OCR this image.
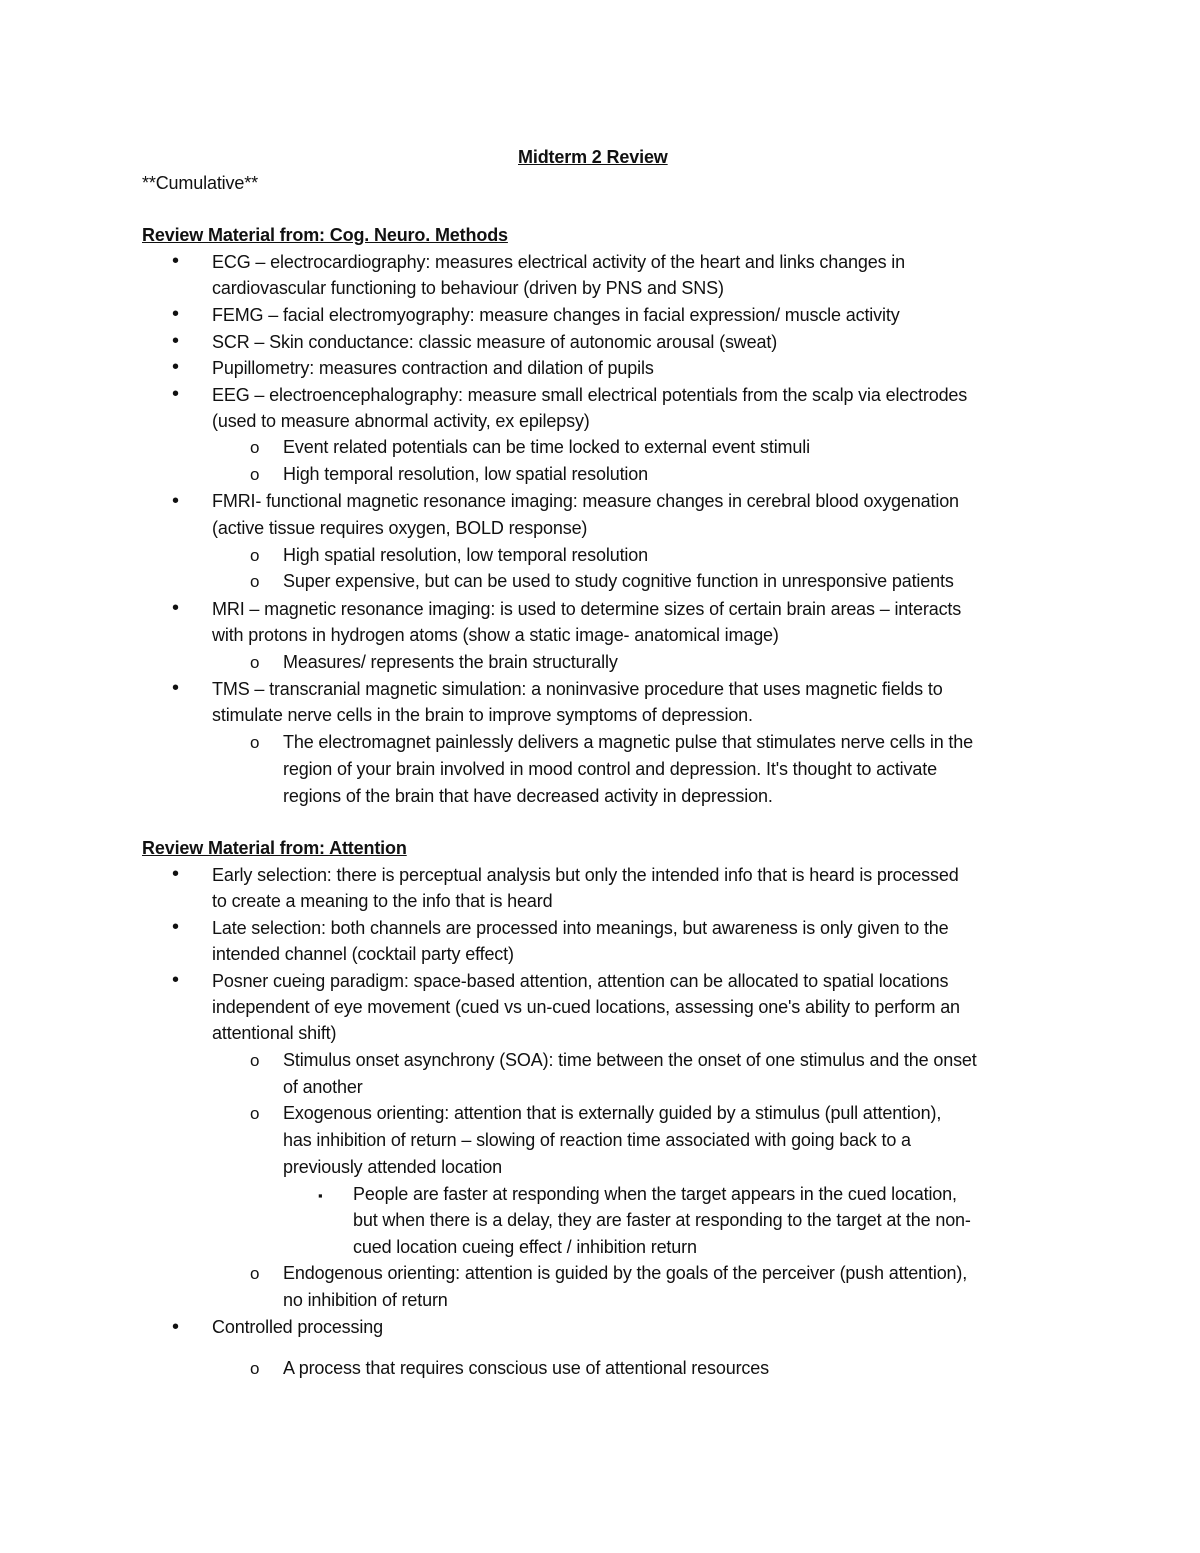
Midterm 2 Review
**Cumulative**
Review Material from: Cog. Neuro. Methods
• ECG – electrocardiography: measures electrical activity of the heart and links changes in
cardiovascular functioning to behaviour (driven by PNS and SNS)
• FEMG – facial electromyography: measure changes in facial expression/ muscle activity
• SCR – Skin conductance: classic measure of autonomic arousal (sweat)
• Pupillometry: measures contraction and dilation of pupils
• EEG – electroencephalography: measure small electrical potentials from the scalp via electrodes
(used to measure abnormal activity, ex epilepsy)
o Event related potentials can be time locked to external event stimuli
o High temporal resolution, low spatial resolution
• FMRI- functional magnetic resonance imaging: measure changes in cerebral blood oxygenation
(active tissue requires oxygen, BOLD response)
o High spatial resolution, low temporal resolution
o Super expensive, but can be used to study cognitive function in unresponsive patients
• MRI – magnetic resonance imaging: is used to determine sizes of certain brain areas – interacts
with protons in hydrogen atoms (show a static image- anatomical image)
o Measures/ represents the brain structurally
• TMS – transcranial magnetic simulation: a noninvasive procedure that uses magnetic fields to
stimulate nerve cells in the brain to improve symptoms of depression.
o The electromagnet painlessly delivers a magnetic pulse that stimulates nerve cells in the
region of your brain involved in mood control and depression. It's thought to activate
regions of the brain that have decreased activity in depression.
Review Material from: Attention
• Early selection: there is perceptual analysis but only the intended info that is heard is processed
to create a meaning to the info that is heard
• Late selection: both channels are processed into meanings, but awareness is only given to the
intended channel (cocktail party effect)
• Posner cueing paradigm: space-based attention, attention can be allocated to spatial locations
independent of eye movement (cued vs un-cued locations, assessing one's ability to perform an
attentional shift)
o Stimulus onset asynchrony (SOA): time between the onset of one stimulus and the onset
of another
o Exogenous orienting: attention that is externally guided by a stimulus (pull attention),
has inhibition of return – slowing of reaction time associated with going back to a
previously attended location
▪ People are faster at responding when the target appears in the cued location,
but when there is a delay, they are faster at responding to the target at the non-
cued location cueing effect / inhibition return
o Endogenous orienting: attention is guided by the goals of the perceiver (push attention),
no inhibition of return
• Controlled processing
o A process that requires conscious use of attentional resources
